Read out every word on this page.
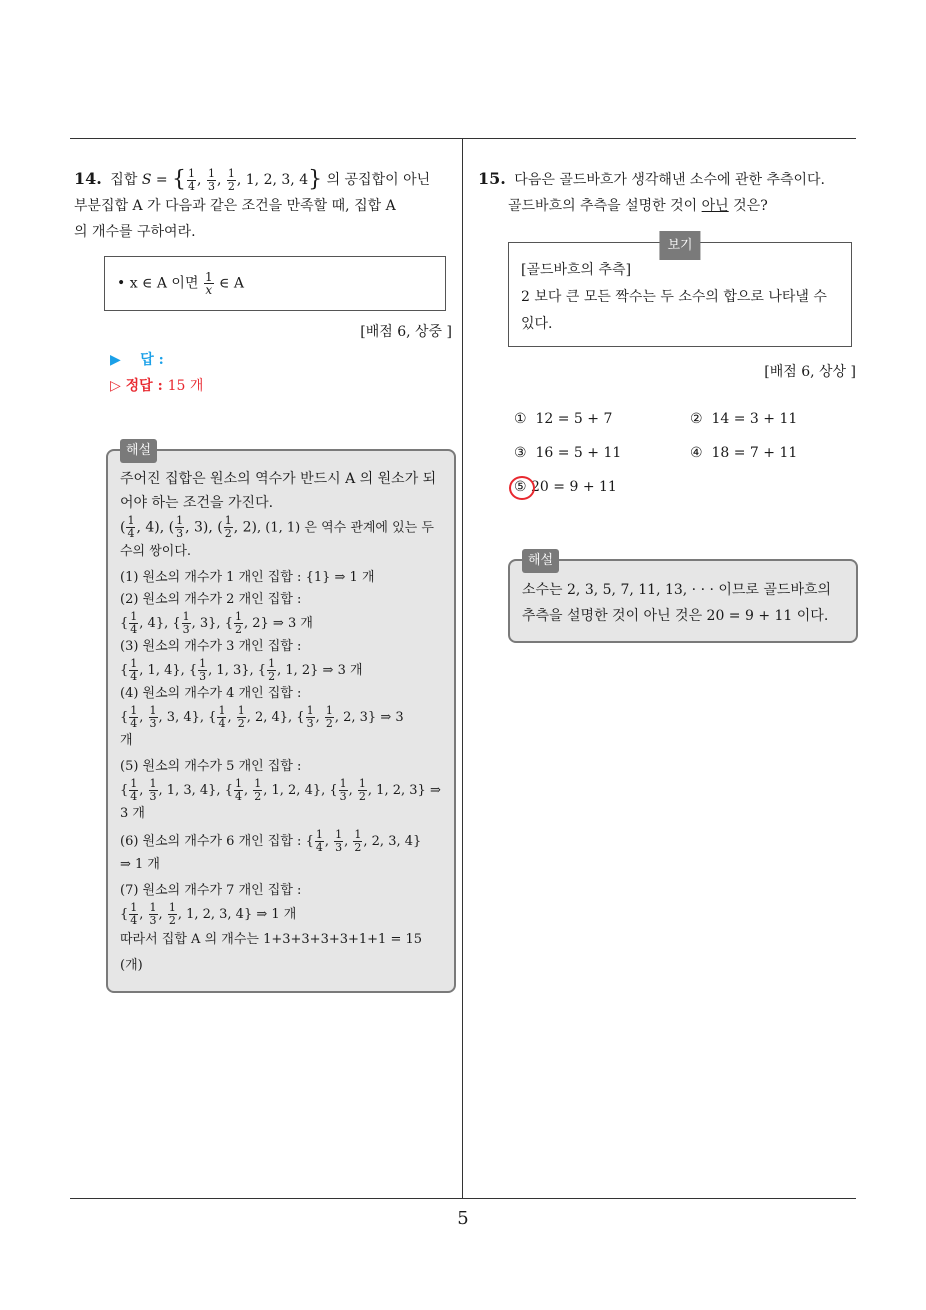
5
14. 집합 S = { $\frac{1}{4}$ , $\frac{1}{3}$ , $\frac{1}{2}$ , 1, 2, 3, 4} 의 공집합이 아닌
부분집합 A 가 다음과 같은 조건을 만족할 때, 집합 A
의 개수를 구하여라.
• x ∈ A 이면 $\frac{1}{x}$ ∈ A
[배점 6, 상중 ]
▶ 답 :
▷ 정답 : 15 개
해설
주어진 집합은 원소의 역수가 반드시 A 의 원소가 되어야 하는 조건을 가진다.
( $\frac{1}{4}$ , 4), ( $\frac{1}{3}$ , 3), ( $\frac{1}{2}$ , 2), (1, 1) 은 역수 관계에 있는 두 수의 쌍이다.
(1) 원소의 개수가 1 개인 집합 : {1} ⇒ 1 개
(2) 원소의 개수가 2 개인 집합 :
{ $\frac{1}{4}$ , 4}, { $\frac{1}{3}$ , 3}, { $\frac{1}{2}$ , 2} ⇒ 3 개
(3) 원소의 개수가 3 개인 집합 :
{ $\frac{1}{4}$ , 1, 4}, { $\frac{1}{3}$ , 1, 3}, { $\frac{1}{2}$ , 1, 2} ⇒ 3 개
(4) 원소의 개수가 4 개인 집합 :
{ $\frac{1}{4}$ , $\frac{1}{3}$ , 3, 4}, { $\frac{1}{4}$ , $\frac{1}{2}$ , 2, 4}, { $\frac{1}{3}$ , $\frac{1}{2}$ , 2, 3} ⇒ 3
개
(5) 원소의 개수가 5 개인 집합 :
{ $\frac{1}{4}$ , $\frac{1}{3}$ , 1, 3, 4}, { $\frac{1}{4}$ , $\frac{1}{2}$ , 1, 2, 4}, { $\frac{1}{3}$ , $\frac{1}{2}$ , 1, 2, 3} ⇒
3 개
(6) 원소의 개수가 6 개인 집합 : { $\frac{1}{4}$ , $\frac{1}{3}$ , $\frac{1}{2}$ , 2, 3, 4}
⇒ 1 개
(7) 원소의 개수가 7 개인 집합 :
{ $\frac{1}{4}$ , $\frac{1}{3}$ , $\frac{1}{2}$ , 1, 2, 3, 4} ⇒ 1 개
따라서 집합 A 의 개수는 1+3+3+3+3+1+1 = 15 (개)
15. 다음은 골드바흐가 생각해낸 소수에 관한 추측이다.
골드바흐의 추측을 설명한 것이 아닌 것은?
보기
[골드바흐의 추측]
2 보다 큰 모든 짝수는 두 소수의 합으로 나타낼 수 있다.
[배점 6, 상상 ]
① 12 = 5 + 7	② 14 = 3 + 11
③ 16 = 5 + 11	④ 18 = 7 + 11
⑤ 20 = 9 + 11
해설
소수는 2, 3, 5, 7, 11, 13, · · · 이므로 골드바흐의 추측을 설명한 것이 아닌 것은 20 = 9 + 11 이다.
